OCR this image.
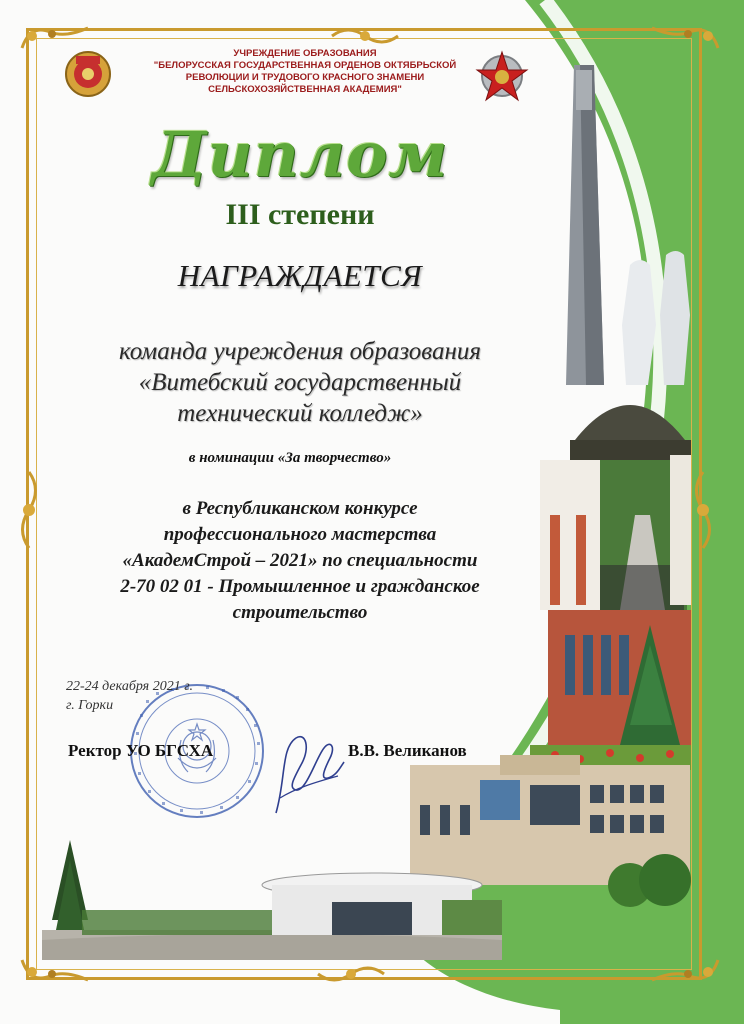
УЧРЕЖДЕНИЕ ОБРАЗОВАНИЯ
"БЕЛОРУССКАЯ ГОСУДАРСТВЕННАЯ ОРДЕНОВ ОКТЯБРЬСКОЙ
РЕВОЛЮЦИИ И ТРУДОВОГО КРАСНОГО ЗНАМЕНИ
СЕЛЬСКОХОЗЯЙСТВЕННАЯ АКАДЕМИЯ"
Диплом
III степени
НАГРАЖДАЕТСЯ
команда учреждения образования
«Витебский государственный
технический колледж»
в номинации «За творчество»
в Республиканском конкурсе
профессионального мастерства
«АкадемСтрой – 2021» по специальности
2-70 02 01 - Промышленное и гражданское
строительство
22-24 декабря 2021 г.
г. Горки
Ректор УО БГСХА	В.В. Великанов
